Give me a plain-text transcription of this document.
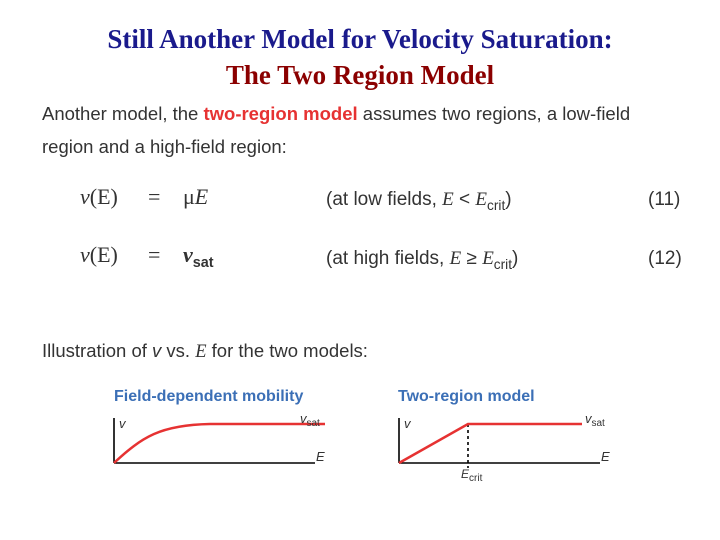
Still Another Model for Velocity Saturation:
The Two Region Model
Another model, the two-region model assumes two regions, a low-field
region and a high-field region:
v(E) = μE	(at low fields, $E < E_{crit}$)	(11)
$v(E) = v_{sat}$	(at high fields, $E \ge E_{crit}$)	(12)
Illustration of v vs. E for the two models:
Field-dependent mobility	Two-region model
v	$v_{sat}$
E
v	$v_{sat}$
E
$E_{crit}$
